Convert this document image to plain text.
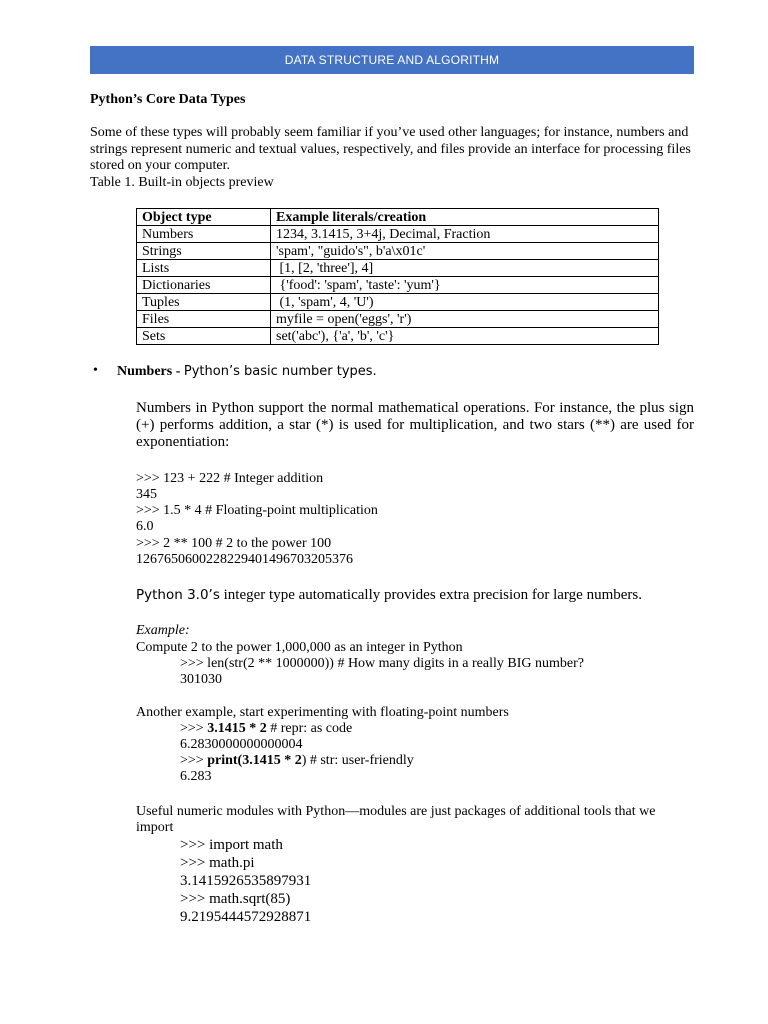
DATA STRUCTURE AND ALGORITHM
Python’s Core Data Types
Some of these types will probably seem familiar if you’ve used other languages; for instance, numbers and strings represent numeric and textual values, respectively, and files provide an interface for processing files stored on your computer.
Table 1. Built-in objects preview
Object type	Example literals/creation
Numbers	1234, 3.1415, 3+4j, Decimal, Fraction
Strings	'spam', "guido's", b'a\x01c'
Lists	[1, [2, 'three'], 4]
Dictionaries	{'food': 'spam', 'taste': 'yum'}
Tuples	(1, 'spam', 4, 'U')
Files	myfile = open('eggs', 'r')
Sets	set('abc'), {'a', 'b', 'c'}
• Numbers - Python’s basic number types.
Numbers in Python support the normal mathematical operations. For instance, the plus sign (+) performs addition, a star (*) is used for multiplication, and two stars (**) are used for exponentiation:
>>> 123 + 222 # Integer addition
345
>>> 1.5 * 4 # Floating-point multiplication
6.0
>>> 2 ** 100 # 2 to the power 100
1267650600228229401496703205376
Python 3.0’s integer type automatically provides extra precision for large numbers.
Example:
Compute 2 to the power 1,000,000 as an integer in Python
>>> len(str(2 ** 1000000)) # How many digits in a really BIG number?
301030
Another example, start experimenting with floating-point numbers
>>> 3.1415 * 2 # repr: as code
6.2830000000000004
>>> print(3.1415 * 2) # str: user-friendly
6.283
Useful numeric modules with Python—modules are just packages of additional tools that we
import
>>> import math
>>> math.pi
3.1415926535897931
>>> math.sqrt(85)
9.2195444572928871
